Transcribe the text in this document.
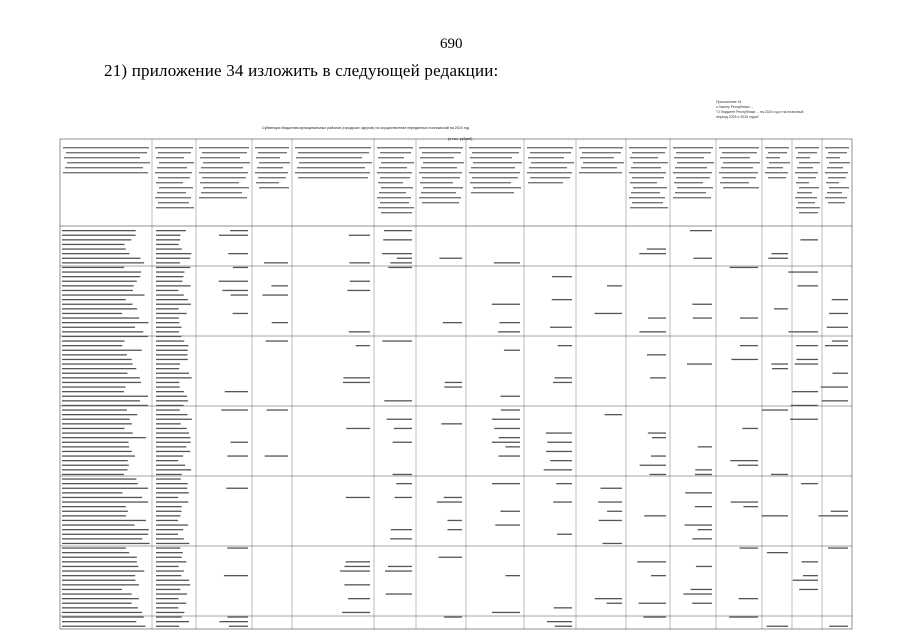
690
21) приложение 34 изложить в следующей редакции:
Приложение 34
к Закону Республики ...
"О бюджете Республики ... на 2024 год и на плановый
период 2025 и 2026 годов"
Субвенции бюджетам муниципальных районов (городских округов) на осуществление переданных полномочий на 2024 год
(в тыс. рублей)
